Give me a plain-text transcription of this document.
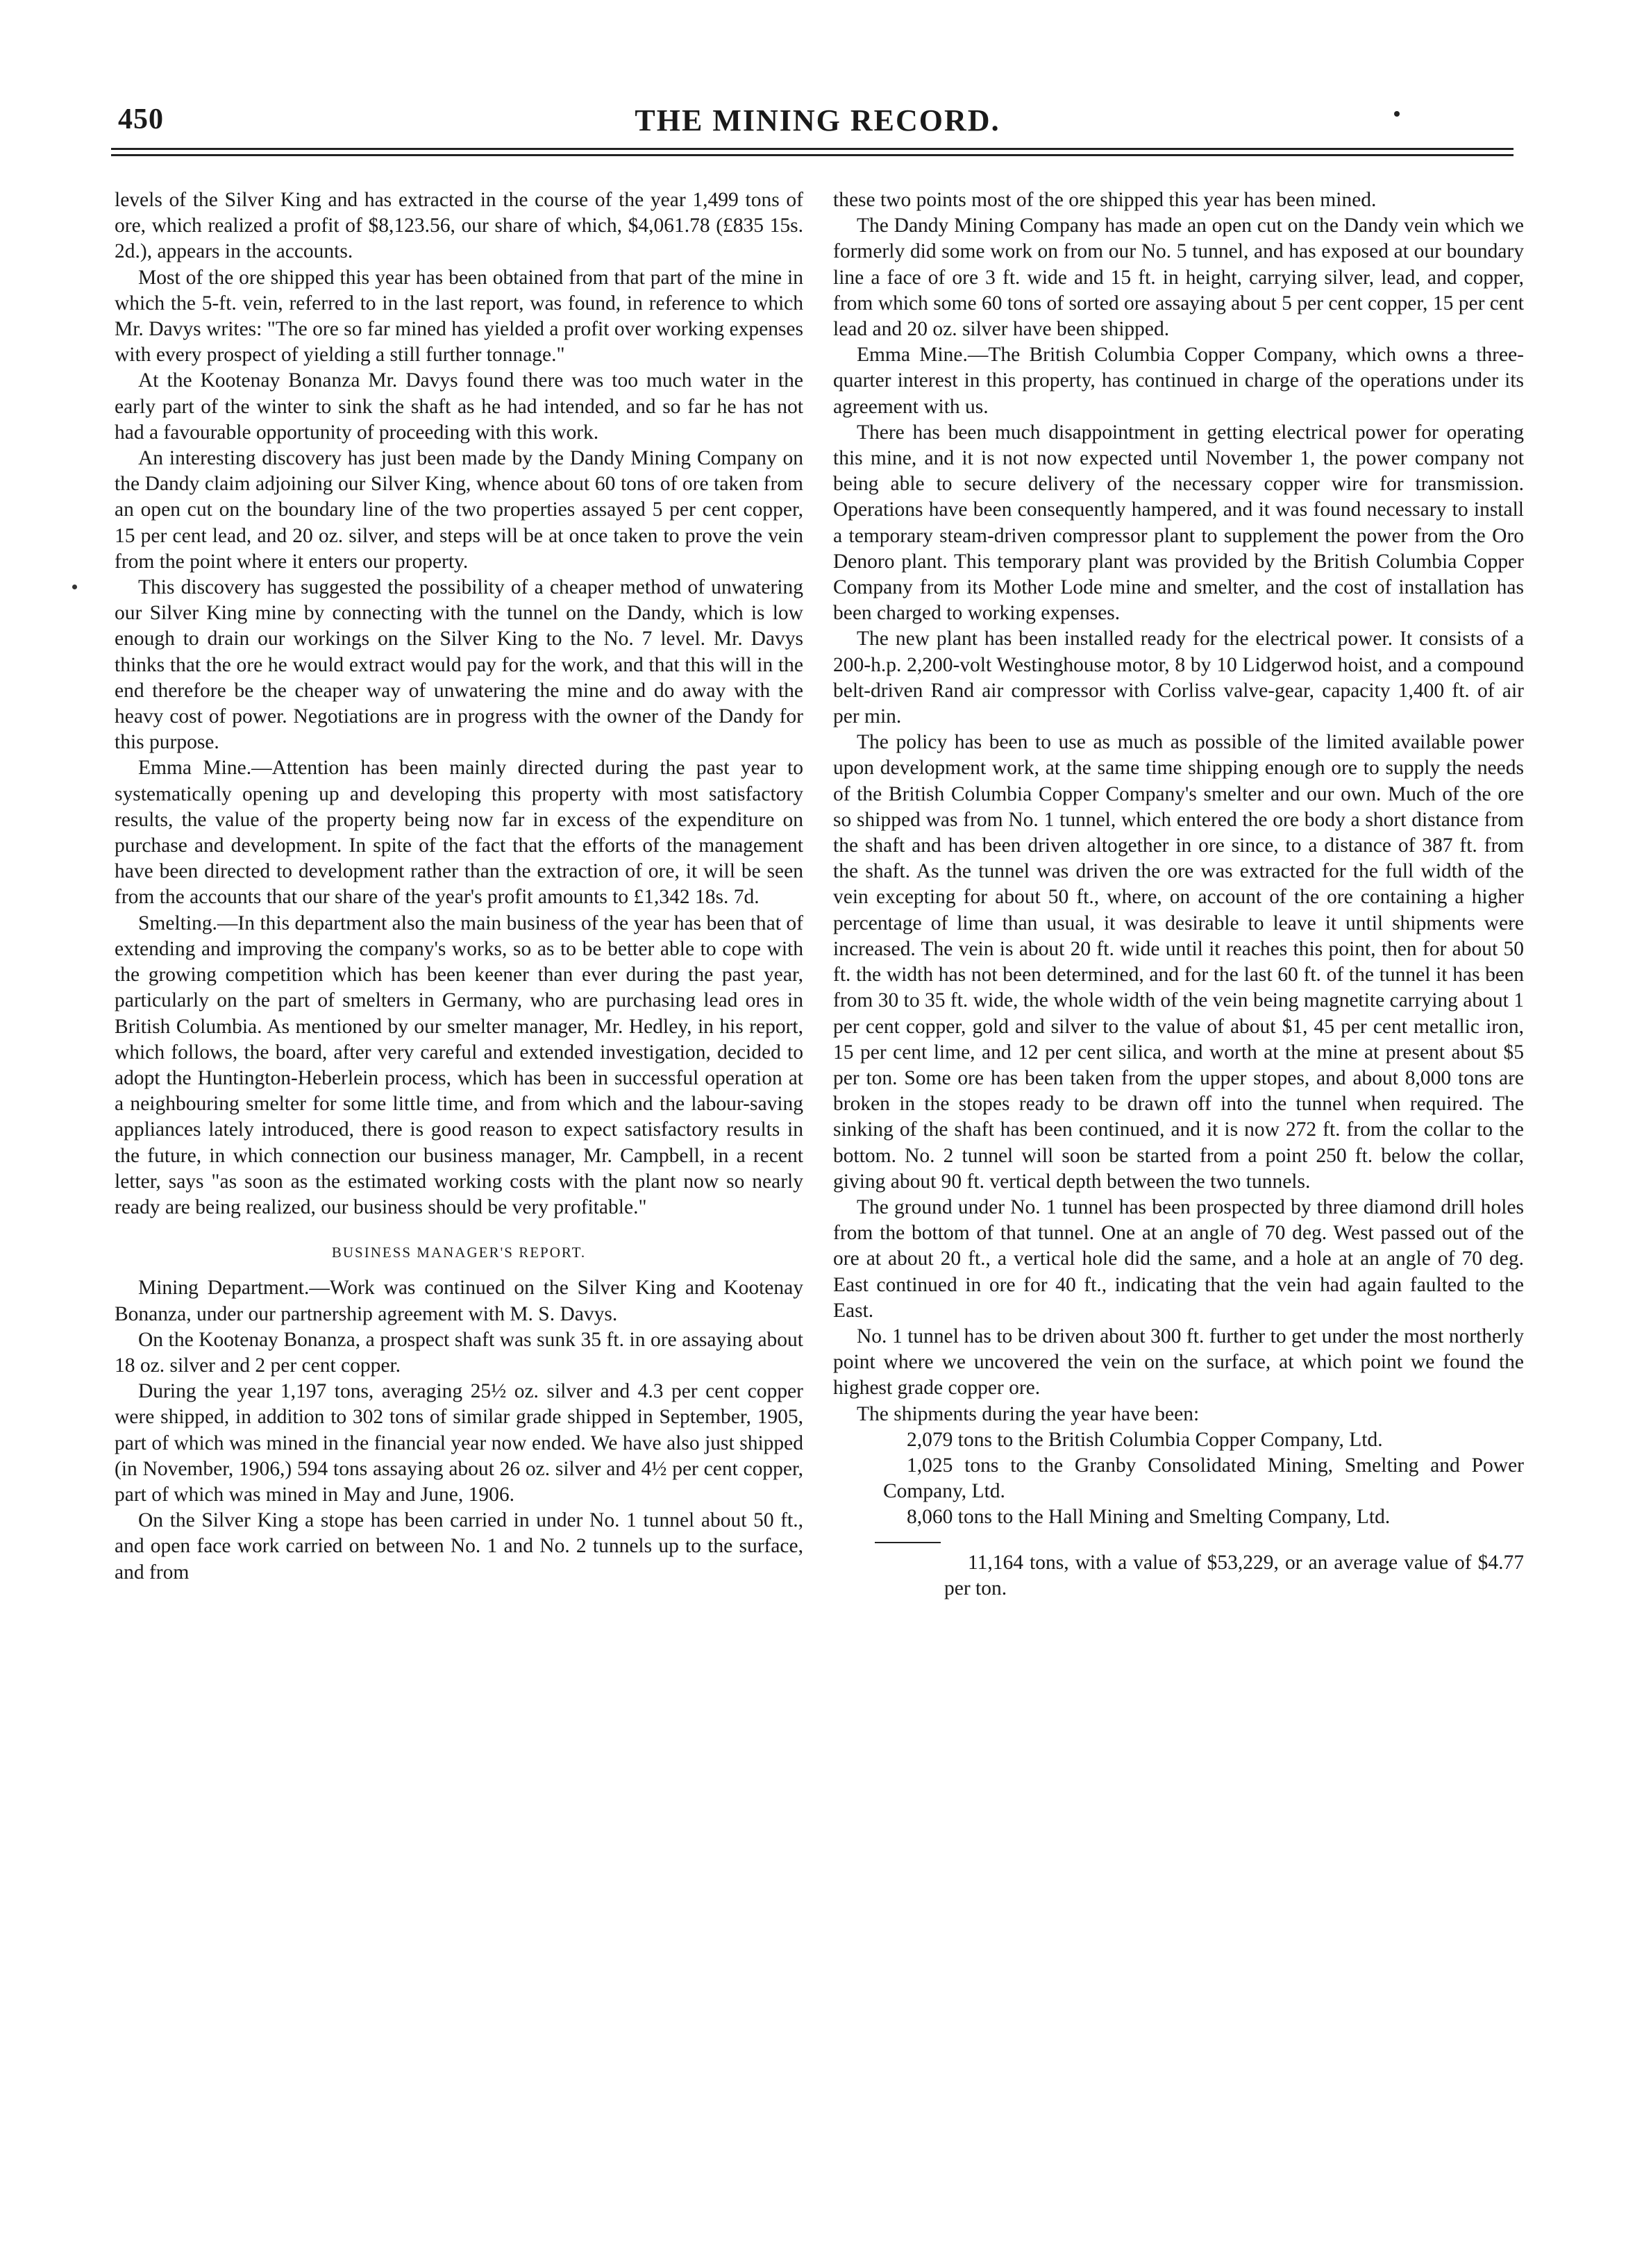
450	THE MINING RECORD.

levels of the Silver King and has extracted in the course of the year 1,499 tons of ore, which realized a profit of $8,123.56, our share of which, $4,061.78 (£835 15s. 2d.), appears in the accounts.

Most of the ore shipped this year has been obtained from that part of the mine in which the 5-ft. vein, referred to in the last report, was found, in reference to which Mr. Davys writes: "The ore so far mined has yielded a profit over working expenses with every prospect of yielding a still further tonnage."

At the Kootenay Bonanza Mr. Davys found there was too much water in the early part of the winter to sink the shaft as he had intended, and so far he has not had a favourable opportunity of proceeding with this work.

An interesting discovery has just been made by the Dandy Mining Company on the Dandy claim adjoining our Silver King, whence about 60 tons of ore taken from an open cut on the boundary line of the two properties assayed 5 per cent copper, 15 per cent lead, and 20 oz. silver, and steps will be at once taken to prove the vein from the point where it enters our property.

This discovery has suggested the possibility of a cheaper method of unwatering our Silver King mine by connecting with the tunnel on the Dandy, which is low enough to drain our workings on the Silver King to the No. 7 level. Mr. Davys thinks that the ore he would extract would pay for the work, and that this will in the end therefore be the cheaper way of unwatering the mine and do away with the heavy cost of power. Negotiations are in progress with the owner of the Dandy for this purpose.

Emma Mine.—Attention has been mainly directed during the past year to systematically opening up and developing this property with most satisfactory results, the value of the property being now far in excess of the expenditure on purchase and development. In spite of the fact that the efforts of the management have been directed to development rather than the extraction of ore, it will be seen from the accounts that our share of the year's profit amounts to £1,342 18s. 7d.

Smelting.—In this department also the main business of the year has been that of extending and improving the company's works, so as to be better able to cope with the growing competition which has been keener than ever during the past year, particularly on the part of smelters in Germany, who are purchasing lead ores in British Columbia. As mentioned by our smelter manager, Mr. Hedley, in his report, which follows, the board, after very careful and extended investigation, decided to adopt the Huntington-Heberlein process, which has been in successful operation at a neighbouring smelter for some little time, and from which and the labour-saving appliances lately introduced, there is good reason to expect satisfactory results in the future, in which connection our business manager, Mr. Campbell, in a recent letter, says "as soon as the estimated working costs with the plant now so nearly ready are being realized, our business should be very profitable."

BUSINESS MANAGER'S REPORT.

Mining Department.—Work was continued on the Silver King and Kootenay Bonanza, under our partnership agreement with M. S. Davys.

On the Kootenay Bonanza, a prospect shaft was sunk 35 ft. in ore assaying about 18 oz. silver and 2 per cent copper.

During the year 1,197 tons, averaging 25½ oz. silver and 4.3 per cent copper were shipped, in addition to 302 tons of similar grade shipped in September, 1905, part of which was mined in the financial year now ended. We have also just shipped (in November, 1906,) 594 tons assaying about 26 oz. silver and 4½ per cent copper, part of which was mined in May and June, 1906.

On the Silver King a stope has been carried in under No. 1 tunnel about 50 ft., and open face work carried on between No. 1 and No. 2 tunnels up to the surface, and from

these two points most of the ore shipped this year has been mined.

The Dandy Mining Company has made an open cut on the Dandy vein which we formerly did some work on from our No. 5 tunnel, and has exposed at our boundary line a face of ore 3 ft. wide and 15 ft. in height, carrying silver, lead, and copper, from which some 60 tons of sorted ore assaying about 5 per cent copper, 15 per cent lead and 20 oz. silver have been shipped.

Emma Mine.—The British Columbia Copper Company, which owns a three-quarter interest in this property, has continued in charge of the operations under its agreement with us.

There has been much disappointment in getting electrical power for operating this mine, and it is not now expected until November 1, the power company not being able to secure delivery of the necessary copper wire for transmission. Operations have been consequently hampered, and it was found necessary to install a temporary steam-driven compressor plant to supplement the power from the Oro Denoro plant. This temporary plant was provided by the British Columbia Copper Company from its Mother Lode mine and smelter, and the cost of installation has been charged to working expenses.

The new plant has been installed ready for the electrical power. It consists of a 200-h.p. 2,200-volt Westinghouse motor, 8 by 10 Lidgerwod hoist, and a compound belt-driven Rand air compressor with Corliss valve-gear, capacity 1,400 ft. of air per min.

The policy has been to use as much as possible of the limited available power upon development work, at the same time shipping enough ore to supply the needs of the British Columbia Copper Company's smelter and our own. Much of the ore so shipped was from No. 1 tunnel, which entered the ore body a short distance from the shaft and has been driven altogether in ore since, to a distance of 387 ft. from the shaft. As the tunnel was driven the ore was extracted for the full width of the vein excepting for about 50 ft., where, on account of the ore containing a higher percentage of lime than usual, it was desirable to leave it until shipments were increased. The vein is about 20 ft. wide until it reaches this point, then for about 50 ft. the width has not been determined, and for the last 60 ft. of the tunnel it has been from 30 to 35 ft. wide, the whole width of the vein being magnetite carrying about 1 per cent copper, gold and silver to the value of about $1, 45 per cent metallic iron, 15 per cent lime, and 12 per cent silica, and worth at the mine at present about $5 per ton. Some ore has been taken from the upper stopes, and about 8,000 tons are broken in the stopes ready to be drawn off into the tunnel when required. The sinking of the shaft has been continued, and it is now 272 ft. from the collar to the bottom. No. 2 tunnel will soon be started from a point 250 ft. below the collar, giving about 90 ft. vertical depth between the two tunnels.

The ground under No. 1 tunnel has been prospected by three diamond drill holes from the bottom of that tunnel. One at an angle of 70 deg. West passed out of the ore at about 20 ft., a vertical hole did the same, and a hole at an angle of 70 deg. East continued in ore for 40 ft., indicating that the vein had again faulted to the East.

No. 1 tunnel has to be driven about 300 ft. further to get under the most northerly point where we uncovered the vein on the surface, at which point we found the highest grade copper ore.

The shipments during the year have been:

2,079 tons to the British Columbia Copper Company, Ltd.

1,025 tons to the Granby Consolidated Mining, Smelting and Power Company, Ltd.

8,060 tons to the Hall Mining and Smelting Company, Ltd.

11,164 tons, with a value of $53,229, or an average value of $4.77 per ton.
